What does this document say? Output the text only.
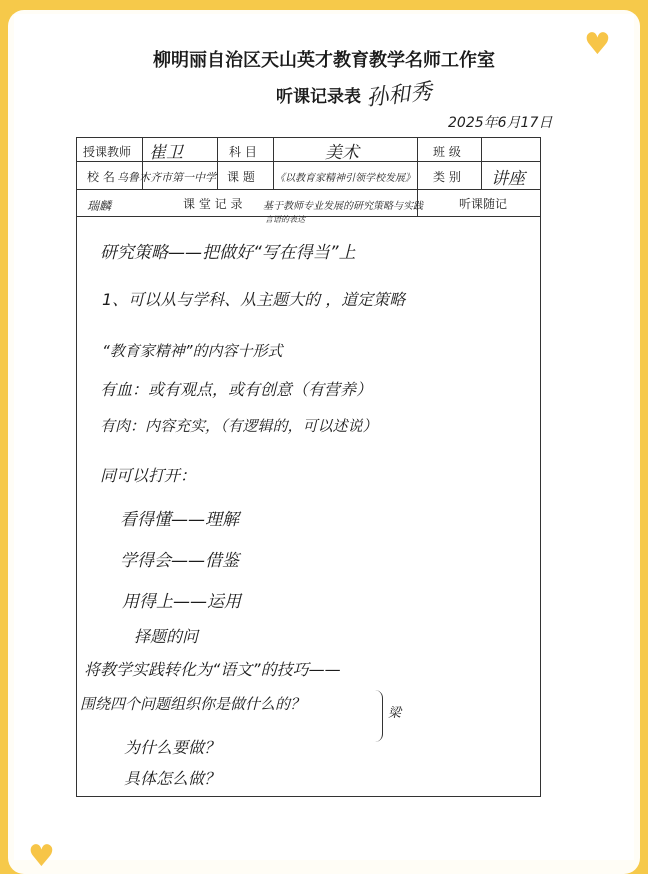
♥
♥
柳明丽自治区天山英才教育教学名师工作室
听课记录表 孙和秀
2025年6月17日
授课教师 崔卫	科 目	美术	班 级
校 名 乌鲁木齐市第一中学 课 题 《以教育家精神引领学校发展》 类 别 讲座
瑞麟	课 堂 记 录 基于教师专业发展的研究策略与实践
言语的表达
听课随记
研究策略——把做好“写在得当”上
1、可以从与学科、从主题大的 ，道定策略
“教育家精神”的内容十形式
有血：或有观点，或有创意（有营养）
有肉：内容充实，（有逻辑的，可以述说）
同可以打开：
看得懂——理解
学得会——借鉴
用得上——运用
择题的问
将教学实践转化为“语文”的技巧——
围绕四个问题组织你是做什么的？
为什么要做？
具体怎么做？
梁
